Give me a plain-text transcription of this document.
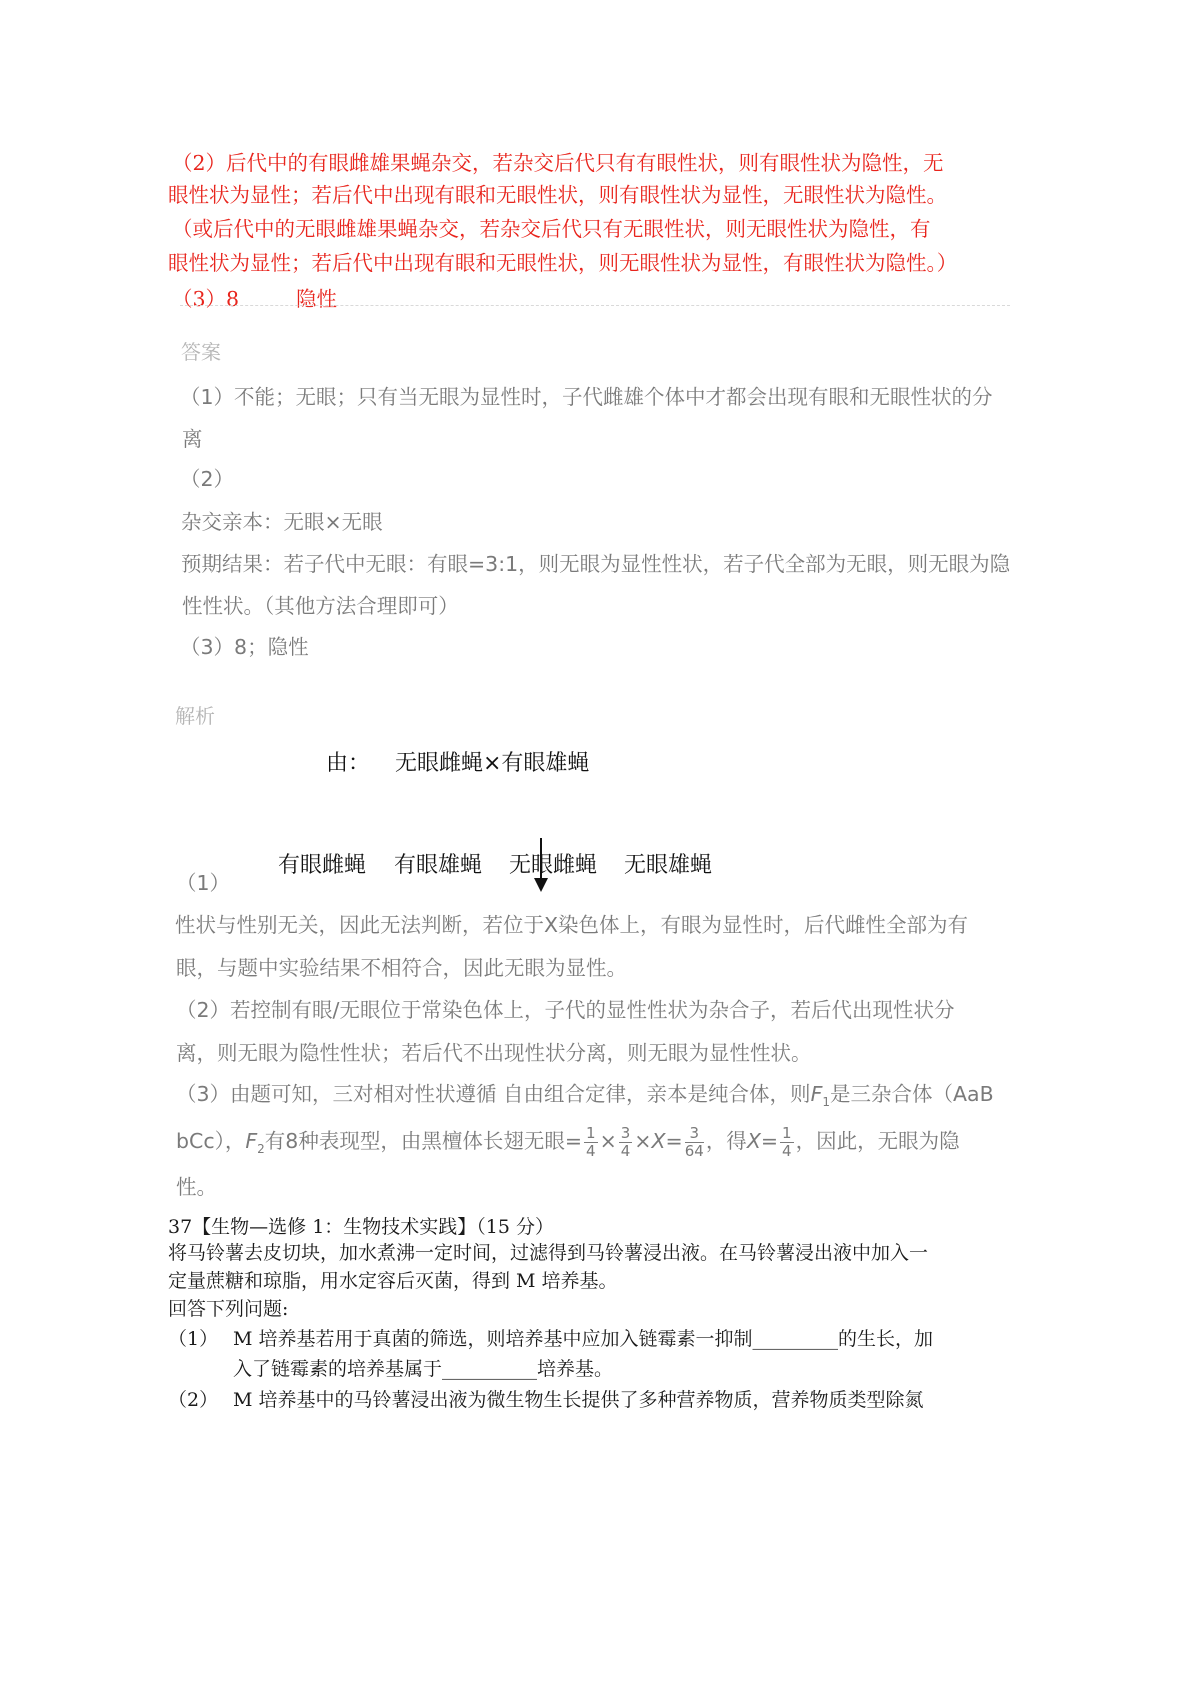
（2）后代中的有眼雌雄果蝇杂交，若杂交后代只有有眼性状，则有眼性状为隐性，无
眼性状为显性；若后代中出现有眼和无眼性状，则有眼性状为显性，无眼性状为隐性。
（或后代中的无眼雌雄果蝇杂交，若杂交后代只有无眼性状，则无眼性状为隐性，有
眼性状为显性；若后代中出现有眼和无眼性状，则无眼性状为显性，有眼性状为隐性。）
（3）8	隐性
答案
（1）不能；无眼；只有当无眼为显性时，子代雌雄个体中才都会出现有眼和无眼性状的分
离
（2）
杂交亲本：无眼×无眼
预期结果：若子代中无眼：有眼=3:1，则无眼为显性性状，若子代全部为无眼，则无眼为隐
性性状。（其他方法合理即可）
（3）8；隐性
解析
由： 无眼雌蝇×有眼雄蝇
有眼雌蝇 有眼雄蝇 无眼雌蝇 无眼雄蝇
（1）
性状与性别无关，因此无法判断，若位于X染色体上，有眼为显性时，后代雌性全部为有
眼，与题中实验结果不相符合，因此无眼为显性。
（2）若控制有眼/无眼位于常染色体上，子代的显性性状为杂合子，若后代出现性状分
离，则无眼为隐性性状；若后代不出现性状分离，则无眼为显性性状。
（3）由题可知，三对相对性状遵循 自由组合定律，亲本是纯合体，则$F_1$是三杂合体（AaB
bCc），$F_2$有8种表现型，由黑檀体长翅无眼= $\frac{1}{4} \times \frac{3}{4} \times X= \frac{3}{64}$ ，得$X= \frac{1}{4}$ ，因此，无眼为隐
性。
37【生物—选修 1：生物技术实践】（15 分）
将马铃薯去皮切块，加水煮沸一定时间，过滤得到马铃薯浸出液。在马铃薯浸出液中加入一
定量蔗糖和琼脂，用水定容后灭菌，得到 M 培养基。
回答下列问题:
（1） M 培养基若用于真菌的筛选，则培养基中应加入链霉素一抑制_________的生长，加
入了链霉素的培养基属于__________培养基。
（2） M 培养基中的马铃薯浸出液为微生物生长提供了多种营养物质，营养物质类型除氮
